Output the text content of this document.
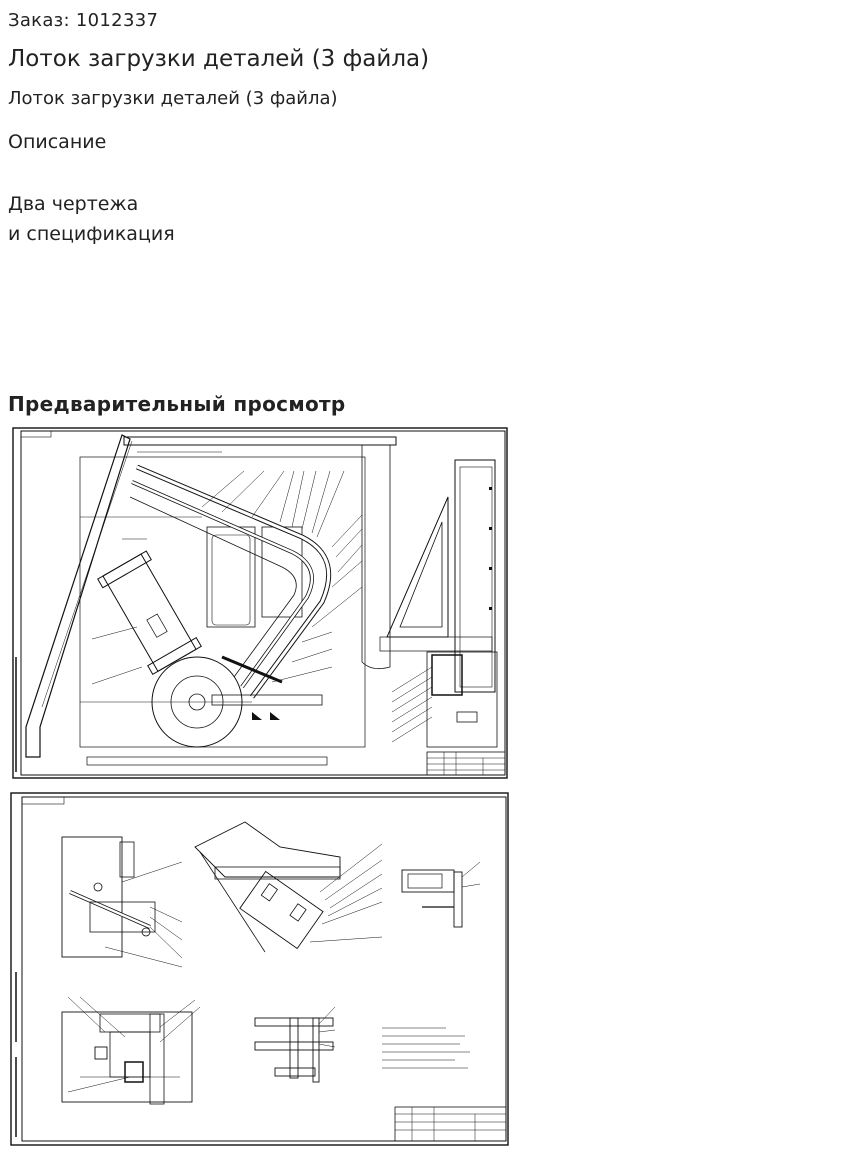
Заказ: 1012337
Лоток загрузки деталей (3 файла)
Лоток загрузки деталей (3 файла)
Описание
Два чертежа
и спецификация
Предварительный просмотр
